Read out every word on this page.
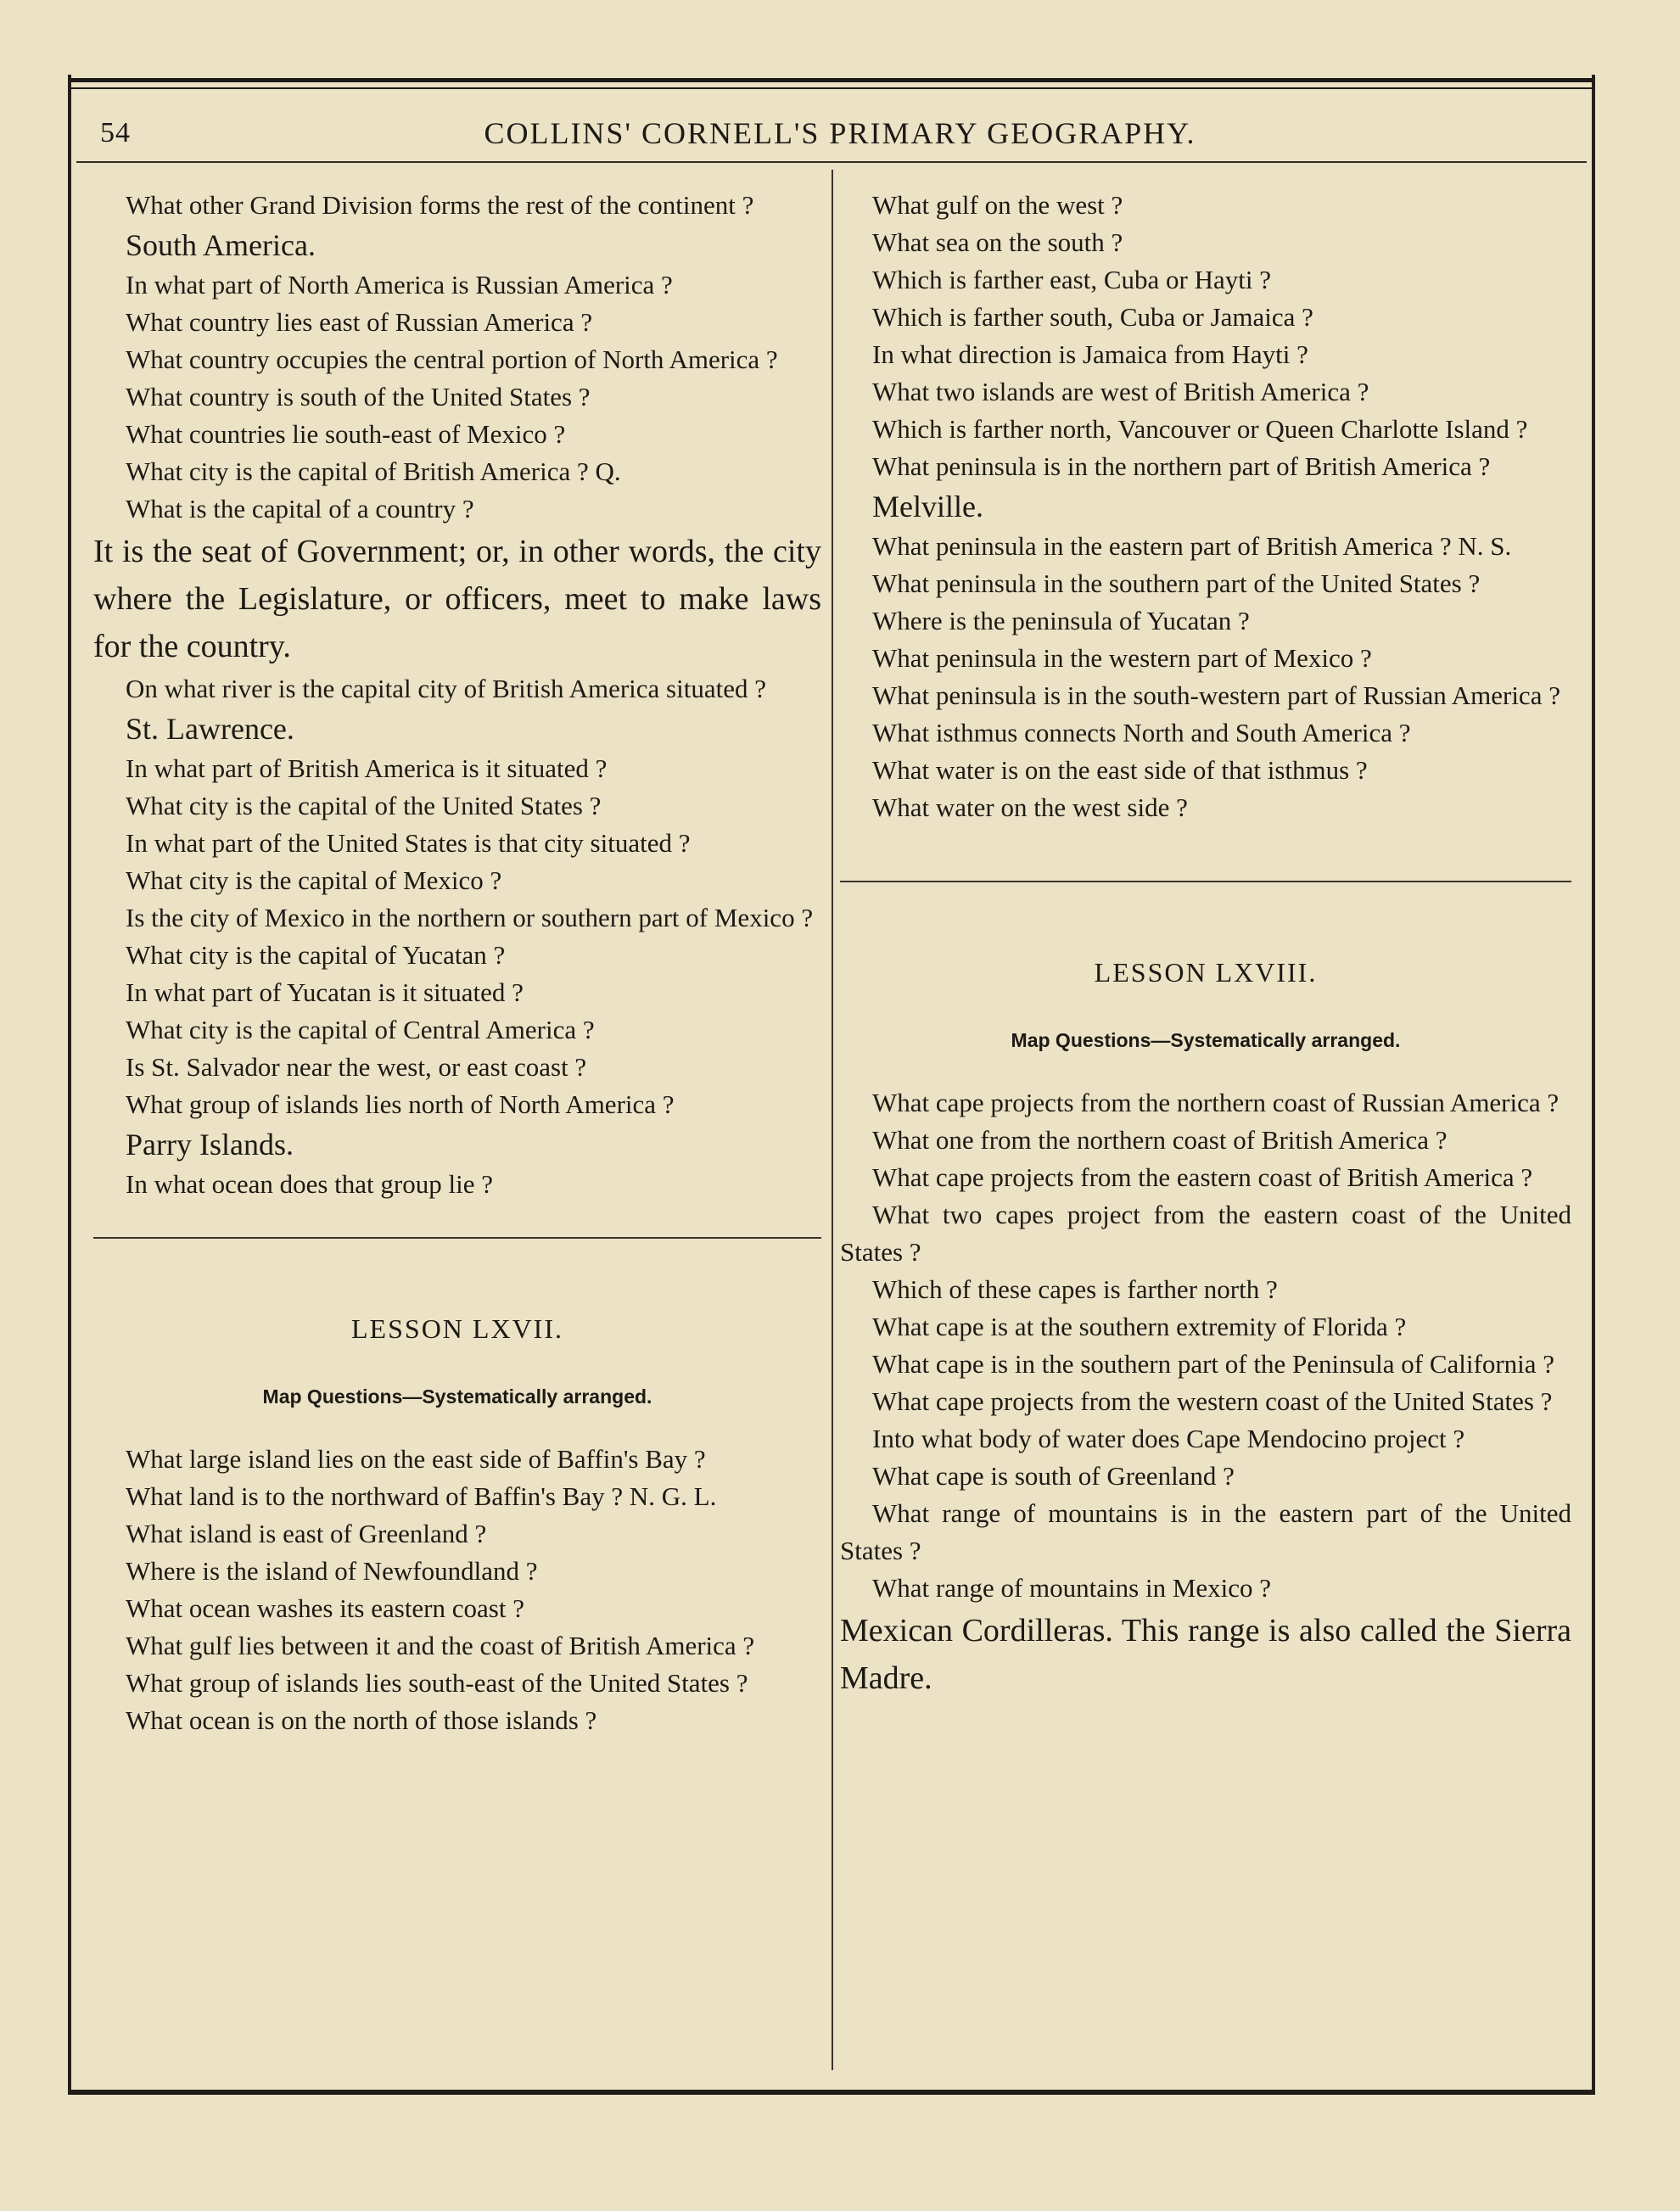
54	COLLINS' CORNELL'S PRIMARY GEOGRAPHY.

What other Grand Division forms the rest of the continent ?

South America.

In what part of North America is Russian America ?

What country lies east of Russian America ?

What country occupies the central portion of North America ?

What country is south of the United States ?

What countries lie south-east of Mexico ?

What city is the capital of British America ? Q.

What is the capital of a country ?

It is the seat of Government; or, in other words, the city where the Legislature, or officers, meet to make laws for the country.

On what river is the capital city of British America situated ?

St. Lawrence.

In what part of British America is it situated ?

What city is the capital of the United States ?

In what part of the United States is that city situated ?

What city is the capital of Mexico ?

Is the city of Mexico in the northern or southern part of Mexico ?

What city is the capital of Yucatan ?

In what part of Yucatan is it situated ?

What city is the capital of Central America ?

Is St. Salvador near the west, or east coast ?

What group of islands lies north of North America ?

Parry Islands.

In what ocean does that group lie ?

LESSON LXVII.
Map Questions—Systematically arranged.

What large island lies on the east side of Baffin's Bay ?

What land is to the northward of Baffin's Bay ? N. G. L.

What island is east of Greenland ?

Where is the island of Newfoundland ?

What ocean washes its eastern coast ?

What gulf lies between it and the coast of British America ?

What group of islands lies south-east of the United States ?

What ocean is on the north of those islands ?

What gulf on the west ?

What sea on the south ?

Which is farther east, Cuba or Hayti ?

Which is farther south, Cuba or Jamaica ?

In what direction is Jamaica from Hayti ?

What two islands are west of British America ?

Which is farther north, Vancouver or Queen Charlotte Island ?

What peninsula is in the northern part of British America ?

Melville.

What peninsula in the eastern part of British America ? N. S.

What peninsula in the southern part of the United States ?

Where is the peninsula of Yucatan ?

What peninsula in the western part of Mexico ?

What peninsula is in the south-western part of Russian America ?

What isthmus connects North and South America ?

What water is on the east side of that isthmus ?

What water on the west side ?

LESSON LXVIII.
Map Questions—Systematically arranged.

What cape projects from the northern coast of Russian America ?

What one from the northern coast of British America ?

What cape projects from the eastern coast of British America ?

What two capes project from the eastern coast of the United States ?

Which of these capes is farther north ?

What cape is at the southern extremity of Florida ?

What cape is in the southern part of the Peninsula of California ?

What cape projects from the western coast of the United States ?

Into what body of water does Cape Mendocino project ?

What cape is south of Greenland ?

What range of mountains is in the eastern part of the United States ?

What range of mountains in Mexico ?

Mexican Cordilleras. This range is also called the Sierra Madre.
